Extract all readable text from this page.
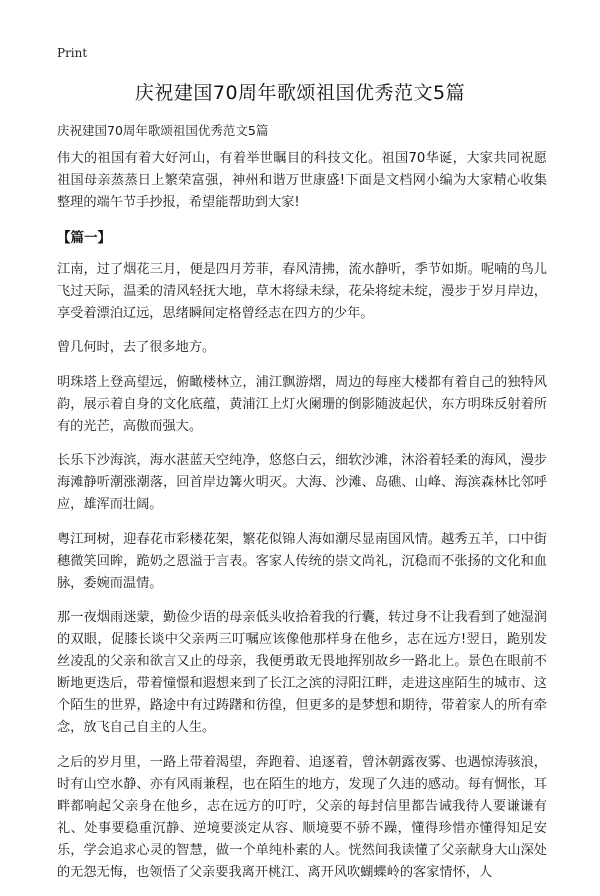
Print
庆祝建国70周年歌颂祖国优秀范文5篇
庆祝建国70周年歌颂祖国优秀范文5篇

伟大的祖国有着大好河山，有着举世瞩目的科技文化。祖国70华诞，大家共同祝愿祖国母亲蒸蒸日上繁荣富强，神州和谐万世康盛!下面是文档网小编为大家精心收集整理的端午节手抄报，希望能帮助到大家!

【篇一】

江南，过了烟花三月，便是四月芳菲，春风清拂，流水静听，季节如斯。呢喃的鸟儿飞过天际，温柔的清风轻抚大地，草木将绿未绿，花朵将绽未绽，漫步于岁月岸边，享受着漂泊辽远，思绪瞬间定格曾经志在四方的少年。

曾几何时，去了很多地方。

明珠塔上登高望远，俯瞰楼林立，浦江飘游熠，周边的每座大楼都有着自己的独特风韵，展示着自身的文化底蕴，黄浦江上灯火阑珊的倒影随波起伏，东方明珠反射着所有的光芒，高傲而强大。

长乐下沙海滨，海水湛蓝天空纯净，悠悠白云，细软沙滩，沐浴着轻柔的海风，漫步海滩静听潮涨潮落，回首岸边篝火明灭。大海、沙滩、岛礁、山峰、海滨森林比邻呼应，雄浑而壮阔。

粤江珂树，迎春花市彩楼花架，繁花似锦人海如潮尽显南国风情。越秀五羊，口中街穗微笑回眸，跪奶之恩溢于言表。客家人传统的崇文尚礼，沉稳而不张扬的文化和血脉，委婉而温情。

那一夜烟雨迷蒙，勤俭少语的母亲低头收拾着我的行囊，转过身不让我看到了她湿润的双眼，促膝长谈中父亲两三叮嘱应该像他那样身在他乡，志在远方!翌日，跪别发丝凌乱的父亲和欲言又止的母亲，我便勇敢无畏地挥别故乡一路北上。景色在眼前不断地更迭后，带着憧憬和遐想来到了长江之滨的浔阳江畔，走进这座陌生的城市、这个陌生的世界，路途中有过踌躇和彷徨，但更多的是梦想和期待，带着家人的所有牵念，放飞自己自主的人生。

之后的岁月里，一路上带着渴望，奔跑着、追逐着，曾沐朝露夜雾、也遇惊涛骇浪，时有山空水静、亦有风雨兼程，也在陌生的地方，发现了久违的感动。每有惆怅，耳畔都响起父亲身在他乡，志在远方的叮咛，父亲的每封信里都告诫我待人要谦谦有礼、处事要稳重沉静、逆境要淡定从容、顺境要不骄不躁，懂得珍惜亦懂得知足安乐，学会追求心灵的智慧，做一个单纯朴素的人。恍然间我读懂了父亲献身大山深处的无怨无悔，也领悟了父亲要我离开桃江、离开风吹蝴蝶岭的客家情怀，人
